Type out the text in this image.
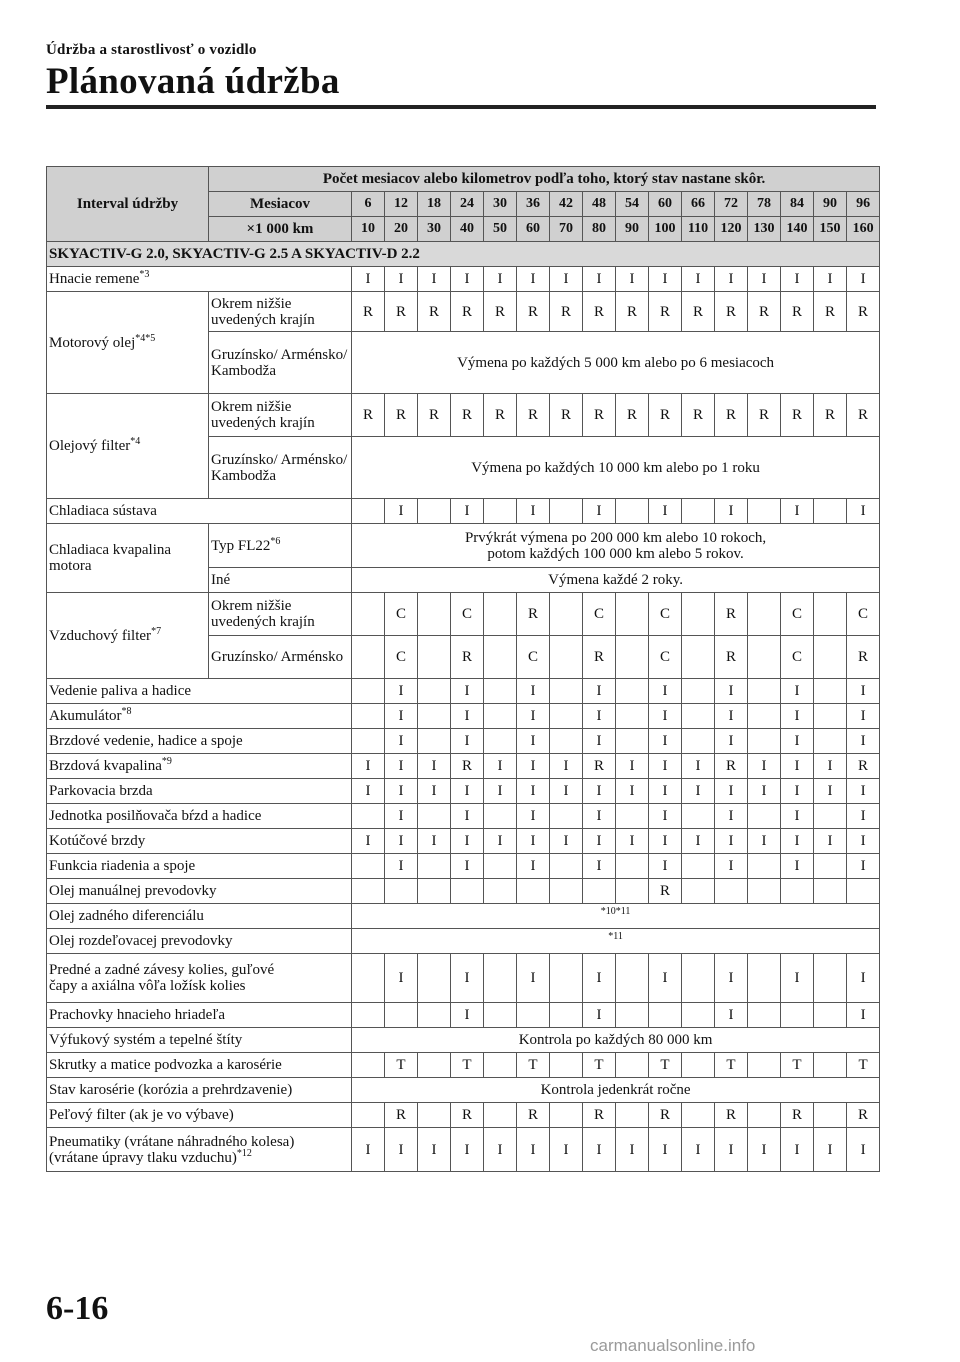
Údržba a starostlivosť o vozidlo
Plánovaná údržba
Interval údržby	Počet mesiacov alebo kilometrov podľa toho, ktorý stav nastane skôr.																
	Mesiacov	6	12	18	24	30	36	42	48	54	60	66	72	78	84	90	96
	×1 000 km	10	20	30	40	50	60	70	80	90	100	110	120	130	140	150	160
SKYACTIV-G 2.0, SKYACTIV-G 2.5 A SKYACTIV-D 2.2																	
Hnacie remene$^{*3}$		I	I	I	I	I	I	I	I	I	I	I	I	I	I	I	I
Motorový olej$^{*4*5}$	Okrem nižšie uvedených krajín	R	R	R	R	R	R	R	R	R	R	R	R	R	R	R	R
	Gruzínsko/ Arménsko/ Kambodža	Výmena po každých 5 000 km alebo po 6 mesiacoch															
Olejový filter$^{*4}$	Okrem nižšie uvedených krajín	R	R	R	R	R	R	R	R	R	R	R	R	R	R	R	R
	Gruzínsko/ Arménsko/ Kambodža	Výmena po každých 10 000 km alebo po 1 roku															
Chladiaca sústava			I		I		I		I		I		I		I		I
Chladiaca kvapalina motora	Typ FL22$^{*6}$	Prvýkrát výmena po 200 000 km alebo 10 rokoch,
potom každých 100 000 km alebo 5 rokov.															

	Iné	Výmena každé 2 roky.															
Vzduchový filter$^{*7}$	Okrem nižšie uvedených krajín		C		C		R		C		C		R		C		C
	Gruzínsko/ Arménsko		C		R		C		R		C		R		C		R
Vedenie paliva a hadice			I		I		I		I		I		I		I		I
Akumulátor$^{*8}$			I		I		I		I		I		I		I		I
Brzdové vedenie, hadice a spoje			I		I		I		I		I		I		I		I
Brzdová kvapalina$^{*9}$		I	I	I	R	I	I	I	R	I	I	I	R	I	I	I	R
Parkovacia brzda		I	I	I	I	I	I	I	I	I	I	I	I	I	I	I	I
Jednotka posilňovača bŕzd a hadice			I		I		I		I		I		I		I		I
Kotúčové brzdy		I	I	I	I	I	I	I	I	I	I	I	I	I	I	I	I
Funkcia riadenia a spoje			I		I		I		I		I		I		I		I
Olej manuálnej prevodovky											R						
Olej zadného diferenciálu		*10*11															
Olej rozdeľovacej prevodovky		*11															

Predné a zadné závesy kolies, guľové
čapy a axiálna vôľa ložísk kolies			I		I		I		I		I		I		I		I
Prachovky hnacieho hriadeľa					I				I				I				I
Výfukový systém a tepelné štíty		Kontrola po každých 80 000 km															
Skrutky a matice podvozka a karosérie			T		T		T		T		T		T		T		T
Stav karosérie (korózia a prehrdzavenie)		Kontrola jedenkrát ročne															
Peľový filter (ak je vo výbave)			R		R		R		R		R		R		R		R

Pneumatiky (vrátane náhradného kolesa)
(vrátane úpravy tlaku vzduchu)$^{*12}$		I	I	I	I	I	I	I	I	I	I	I	I	I	I	I	I
6-16
carmanualsonline.info
